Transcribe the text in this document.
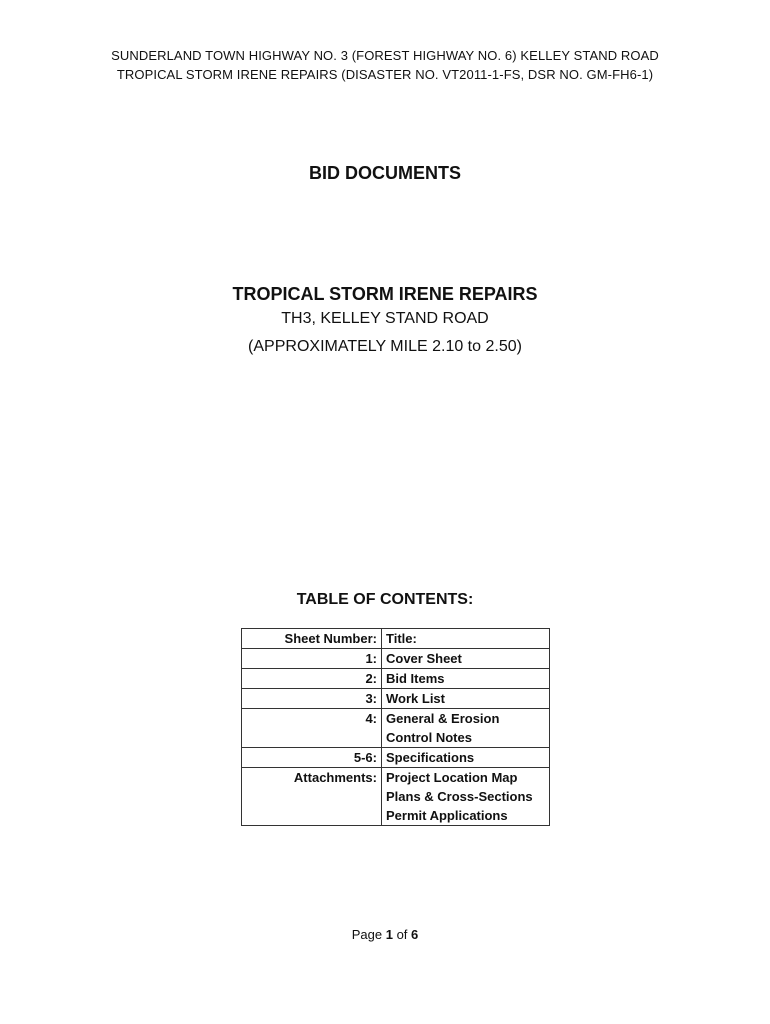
SUNDERLAND TOWN HIGHWAY NO. 3 (FOREST HIGHWAY NO. 6) KELLEY STAND ROAD
TROPICAL STORM IRENE REPAIRS (DISASTER NO. VT2011-1-FS, DSR NO. GM-FH6-1)
BID DOCUMENTS
TROPICAL STORM IRENE REPAIRS
TH3, KELLEY STAND ROAD
(APPROXIMATELY MILE 2.10 to 2.50)
TABLE OF CONTENTS:
Sheet Number:	Title:
1:	Cover Sheet

2:	Bid Items

3:	Work List

4:	General & Erosion
Control Notes

5-6:	Specifications

Attachments:	Project Location Map
Plans & Cross-Sections
Permit Applications
Page 1 of 6
